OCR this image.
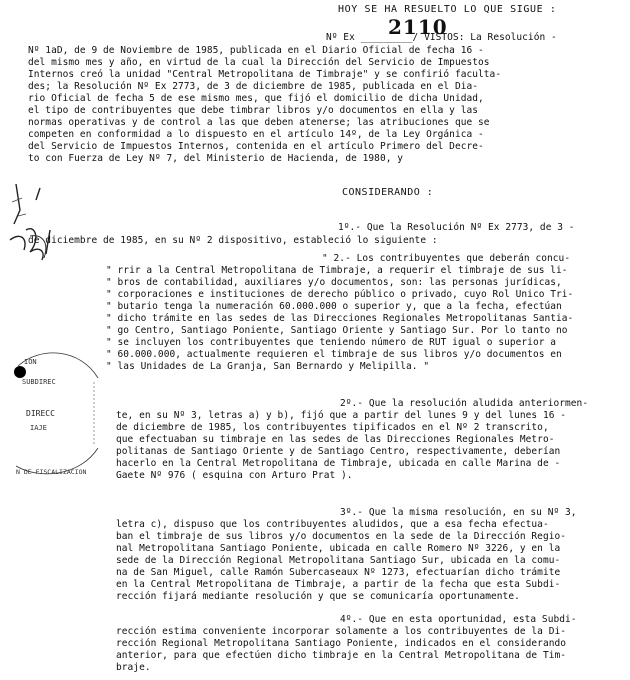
HOY SE HA RESUELTO LO QUE SIGUE :
2110
ION
SUBDIREC
DIRECC
IAJE
N DE FISCALIZACION
Nº Ex _________/ VISTOS: La Resolución -
Nº 1aD, de 9 de Noviembre de 1985, publicada en el Diario Oficial de fecha 16 -
del mismo mes y año, en virtud de la cual la Dirección del Servicio de Impuestos
Internos creó la unidad "Central Metropolitana de Timbraje" y se confirió faculta-
des; la Resolución Nº Ex 2773, de 3 de diciembre de 1985, publicada en el Dia-
rio Oficial de fecha 5 de ese mismo mes, que fijó el domicilio de dicha Unidad,
el tipo de contribuyentes que debe timbrar libros y/o documentos en ella y las
normas operativas y de control a las que deben atenerse; las atribuciones que se
competen en conformidad a lo dispuesto en el artículo 14º, de la Ley Orgánica -
del Servicio de Impuestos Internos, contenida en el artículo Primero del Decre-
to con Fuerza de Ley Nº 7, del Ministerio de Hacienda, de 1980, y
CONSIDERANDO :
1º.- Que la Resolución Nº Ex 2773, de 3 -
de diciembre de 1985, en su Nº 2 dispositivo, estableció lo siguiente :
" 2.- Los contribuyentes que deberán concu-
" rrir a la Central Metropolitana de Timbraje, a requerir el timbraje de sus li-
" bros de contabilidad, auxiliares y/o documentos, son: las personas jurídicas,
" corporaciones e instituciones de derecho público o privado, cuyo Rol Unico Tri-
" butario tenga la numeración 60.000.000 o superior y, que a la fecha, efectúan
" dicho trámite en las sedes de las Direcciones Regionales Metropolitanas Santia-
" go Centro, Santiago Poniente, Santiago Oriente y Santiago Sur. Por lo tanto no
" se incluyen los contribuyentes que teniendo número de RUT igual o superior a
" 60.000.000, actualmente requieren el timbraje de sus libros y/o documentos en
" las Unidades de La Granja, San Bernardo y Melipilla. "
2º.- Que la resolución aludida anteriormen-
te, en su Nº 3, letras a) y b), fijó que a partir del lunes 9 y del lunes 16 -
de diciembre de 1985, los contribuyentes tipificados en el Nº 2 transcrito,
que efectuaban su timbraje en las sedes de las Direcciones Regionales Metro-
politanas de Santiago Oriente y de Santiago Centro, respectivamente, deberían
hacerlo en la Central Metropolitana de Timbraje, ubicada en calle Marina de -
Gaete Nº 976 ( esquina con Arturo Prat ).
3º.- Que la misma resolución, en su Nº 3,
letra c), dispuso que los contribuyentes aludidos, que a esa fecha efectua-
ban el timbraje de sus libros y/o documentos en la sede de la Dirección Regio-
nal Metropolitana Santiago Poniente, ubicada en calle Romero Nº 3226, y en la
sede de la Dirección Regional Metropolitana Santiago Sur, ubicada en la comu-
na de San Miguel, calle Ramón Subercaseaux Nº 1273, efectuarían dicho trámite
en la Central Metropolitana de Timbraje, a partir de la fecha que esta Subdi-
rección fijará mediante resolución y que se comunicaría oportunamente.
4º.- Que en esta oportunidad, esta Subdi-
rección estima conveniente incorporar solamente a los contribuyentes de la Di-
rección Regional Metropolitana Santiago Poniente, indicados en el considerando
anterior, para que efectúen dicho timbraje en la Central Metropolitana de Tim-
braje.
